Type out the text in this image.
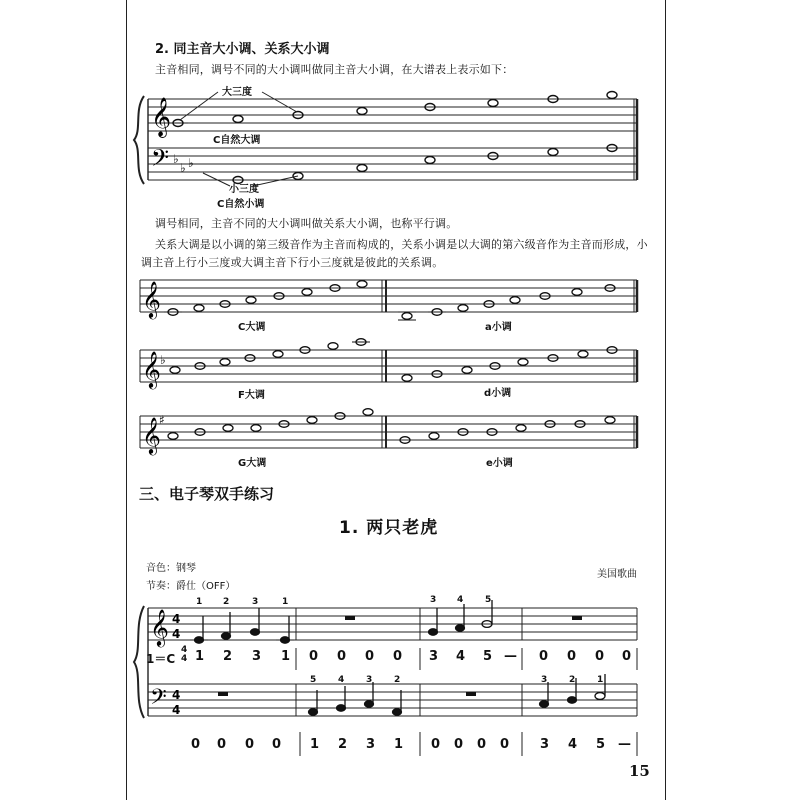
2. 同主音大小调、关系大小调
主音相同，调号不同的大小调叫做同主音大小调，在大谱表上表示如下：
𝄞
𝄢 ♭
♭ ♭
大三度
C自然大调
小三度
C自然小调
调号相同，主音不同的大小调叫做关系大小调，也称平行调。
关系大调是以小调的第三级音作为主音而构成的，关系小调是以大调的第六级音作为主音而形成，小
调主音上行小三度或大调主音下行小三度就是彼此的关系调。
𝄞
𝄞 ♭
𝄞
♯
C大调	a小调
F大调	d小调
G大调	e小调
三、电子琴双手练习
1. 两只老虎
音色：钢琴
节奏：爵仕（OFF）
美国歌曲
𝄞
𝄢
4
4
4
4
1 2	3	1	3 4 5
5 4 3 2	3 2 1
1＝C
4
4 1 2 3 1 0 0 0 0 3 4 5 — 0 0 0 0
0 0 0 0 1 2 3 1 0 0 0 0 3 4 5 —
15
